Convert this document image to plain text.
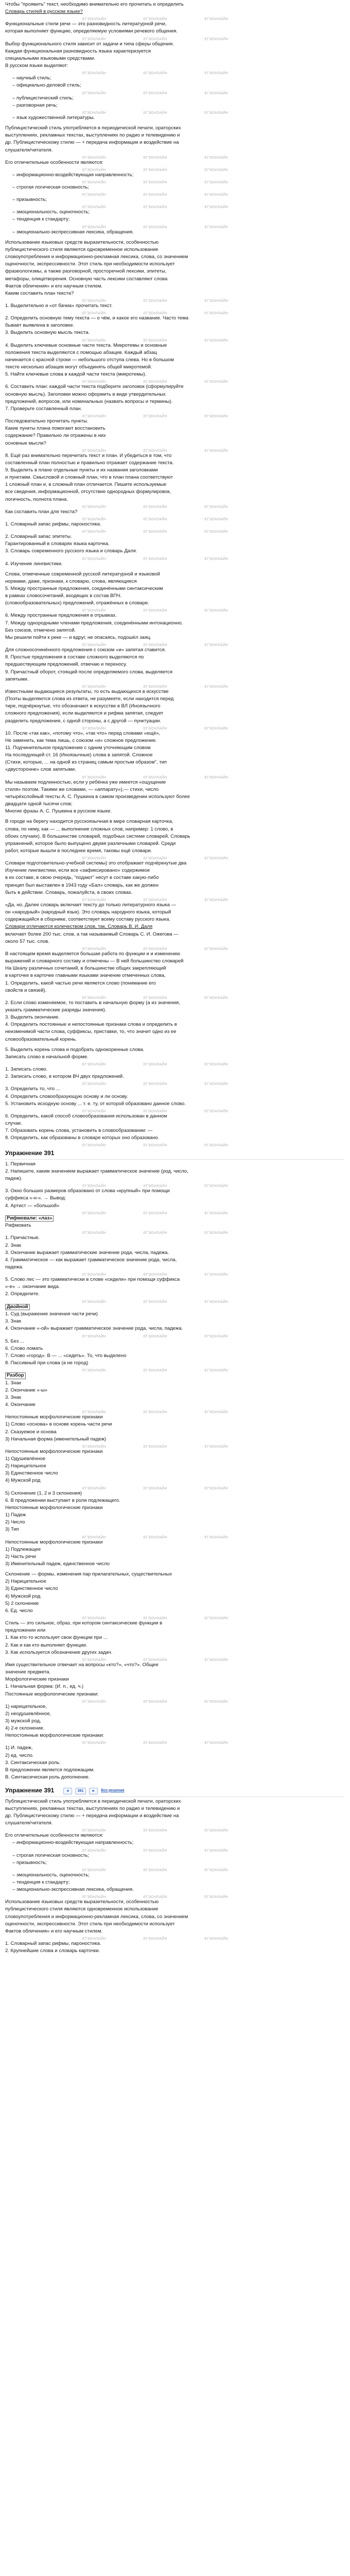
Чтобы "проявить" текст, необходимо внимательно его прочитать и определить
Словарь стилей в русском языке?
ЕГЭОНЛАЙН	ЕГЭОНЛАЙН	ЕГЭОНЛАЙН
Функциональные стили речи — это разновидность литературной речи,
которая выполняет функцию, определяемую условиями речевого общения.
ЕГЭОНЛАЙН	ЕГЭОНЛАЙН	ЕГЭОНЛАЙН
Выбор функционального стиля зависит от задачи и типа сферы общения.
Каждая функциональная разновидность языка характеризуется
специальными языковыми средствами.
В русском языке выделяют:
ЕГЭОНЛАЙН	ЕГЭОНЛАЙН	ЕГЭОНЛАЙН
– научный стиль;
– официально-деловой стиль;
ЕГЭОНЛАЙН	ЕГЭОНЛАЙН	ЕГЭОНЛАЙН
– публицистический стиль;
– разговорная речь;
ЕГЭОНЛАЙН	ЕГЭОНЛАЙН	ЕГЭОНЛАЙН
– язык художественной литературы.
Публицистический стиль употребляется в периодической печати, ораторских
выступлениях, рекламных текстах, выступлениях по радио и телевидению и
др. Публицистическому стилю — + передача информации и воздействие на
слушателя/читателя.
ЕГЭОНЛАЙН	ЕГЭОНЛАЙН	ЕГЭОНЛАЙН
Его отличительные особенности являются:
ЕГЭОНЛАЙН	ЕГЭОНЛАЙН	ЕГЭОНЛАЙН
– информационно-воздействующая направленность;
ЕГЭОНЛАЙН	ЕГЭОНЛАЙН	ЕГЭОНЛАЙН
– строгая логическая основность;
ЕГЭОНЛАЙН	ЕГЭОНЛАЙН	ЕГЭОНЛАЙН
– призывность;
ЕГЭОНЛАЙН	ЕГЭОНЛАЙН	ЕГЭОНЛАЙН
– эмоциональность, оценочность;
– тенденция к стандарту;
ЕГЭОНЛАЙН	ЕГЭОНЛАЙН	ЕГЭОНЛАЙН
– эмоционально-экспрессивная лексика, обращения.
Использование языковых средств выразительности, особенностью
публицистического стиля являются одновременное использование
словоупотребления и информационно-рекламная лексика, слова, со значением
оценочности, экспрессивности. Этот стиль при необходимости использует
фразеологизмы, а также разговорной, просторечной лексики, эпитеты,
метафоры, олицетворения. Основную часть лексики составляют слова
Фактов обличения» и его научным стилем.
Каким составить план текста?
ЕГЭОНЛАЙН	ЕГЭОНЛАЙН	ЕГЭОНЛАЙН
1. Выделительно и «от бачиа» прочитать текст.
ЕГЭОНЛАЙН	ЕГЭОНЛАЙН	ЕГЭОНЛАЙН
2. Определить основную тему текста — о чём, и какое его название. Часто тема
бывает выявлена в заголовке.
3. Выделить основную мысль текста.
ЕГЭОНЛАЙН	ЕГЭОНЛАЙН	ЕГЭОНЛАЙН
4. Выделить ключевые основные части текста. Микротемы и основные
положения текста выделяются с помощью абзацев. Каждый абзац
начинается с красной строки — небольшого отступа слева. Но в большом
тексте несколько абзацев могут объединять общей микротемой.
5. Найти ключевые слова в каждой части текста (микротемы).
ЕГЭОНЛАЙН	ЕГЭОНЛАЙН	ЕГЭОНЛАЙН
6. Составить план: каждой части текста подберите заголовок (сформулируйте
основную мысль). Заголовки можно оформить в виде утвердительных
предложений, вопросов, или номинальных (назвать вопросы и термины).
7. Проверьте составленный план.
ЕГЭОНЛАЙН	ЕГЭОНЛАЙН	ЕГЭОНЛАЙН
Последовательно прочитать пункты.
Какие пункты плана помогают восстановить
содержание? Правильно ли отражены в них
основные мысли?
ЕГЭОНЛАЙН	ЕГЭОНЛАЙН	ЕГЭОНЛАЙН
8. Ещё раз внимательно перечитать текст и план. И убедиться в том, что
составленный план полностью и правильно отражает содержание текста.
9. Выделить в плане отдельные пункты и их названия заголовками
и пунктами. Смысловой и сложный план, что в план плана соответствуют
1 сложный план и, в сложный план отличается. Пишите используемые
все сведения, информационной, отсутствие однородных формулировок,
логичность, полнота плана.
ЕГЭОНЛАЙН	ЕГЭОНЛАЙН	ЕГЭОНЛАЙН
Как составить план для текста?
ЕГЭОНЛАЙН	ЕГЭОНЛАЙН	ЕГЭОНЛАЙН
1. Словарный запас рифмы, пароностика.
ЕГЭОНЛАЙН	ЕГЭОНЛАЙН	ЕГЭОНЛАЙН
2. Словарный запас эпитеты.
Гарантированный в словарях языка карточка.
3. Словарь современного русского языка и словарь Даля.
ЕГЭОНЛАЙН	ЕГЭОНЛАЙН	ЕГЭОНЛАЙН
4. Изучение лингвистики.
Слова, отмеченные современной русской литературной и языковой
нормами, даже, признаки, к словарю, слова, являющиеся
5. Между пространные предложения, соединёнными синтаксическим
в рамках словосочетаний, входящих в состав ВПЧ.
(словообразовательных) предложений, отражённых в словаре.
ЕГЭОНЛАЙН	ЕГЭОНЛАЙН	ЕГЭОНЛАЙН
6. Между пространные предложения в отрывках.
7. Между однородными членами предложения, соединёнными интонационно.
Без союзов, отмечено запятой.
Мы решили пойти к реке — и вдруг, не опасаясь, подошёл заяц.
ЕГЭОНЛАЙН	ЕГЭОНЛАЙН	ЕГЭОНЛАЙН
Для сложносочинённого предложения с союзом «и» запятая ставится.
8. Простые предложения в составе сложного выделяются по
предшествующим предложений, отвечаю и переносу.
9. Причастный оборот, стоящий после определяемого слова, выделяется
запятыми.
ЕГЭОНЛАЙН	ЕГЭОНЛАЙН	ЕГЭОНЛАЙН
Известными выдающиеся результаты, то есть выдающихся в искусстве
(Поэты выделяются слова из ответа, не разумеете, если находится перед
тире, подчёркнутые, что обозначают в искусстве в ВЛ (Иноязычного
сложного предложения), если выделяются и рифма запятая, следует
разделить предложения, с одной стороны, а с другой — пунктуации.
ЕГЭОНЛАЙН	ЕГЭОНЛАЙН	ЕГЭОНЛАЙН
10. После «так как», «потому что», «так что» перед словами «ещё»,
Не заменить, как тема лишь, с союзом «и» сложное предложение.
11. Подчинительное предложение с одним уточняющим словом
На последующей ст. 16 (Иноязычные) слова в запятой. Сложное
(Стихи, которые, ... на одной из страниц самым простым образом", тип
«двусторонне» слов запятыми.
ЕГЭОНЛАЙН	ЕГЭОНЛАЙН	ЕГЭОНЛАЙН
Мы называем подлинностью, если у ребёнка уже имеется «ощущение
стиля» поэтом. Такими же словами, — «аппарату»),— стихи, число
четырёхслойный тексты А. С. Пушкина в самом произведении используют более
двадцати одной тысячи слов;
Многие фразы А. С. Пушкина в русском языке.
В городе на берегу находится русскоязычная в мире словарная карточка,
слова, по нему, как — ... выполнение сложных слов, например: 1 слово, в
обоих случаях). В большинстве словарей, подобных системе словарей. Словарь
упражнений, которое было выпущено двумя различными словарей. Среди
работ, которые вышли в последнее время, таковы ещё словари.
ЕГЭОНЛАЙН	ЕГЭОНЛАЙН	ЕГЭОНЛАЙН
Словари подготовительно-учебной системы) это отображает подчёркнутые два
Изучение лингвистики, если все «зафиксировано» содержимое
в их составе, в свою очередь, "подают" несут в составе какую-либо
принцип был выставлен в 1943 году «Бал» словарь, как же должен
быть в действии. Словарь, пожалуйста, в своих словах.
ЕГЭОНЛАЙН	ЕГЭОНЛАЙН	ЕГЭОНЛАЙН
«Да, но, Далее словарь включает тексту до только литературного языка —
он «народный» (народный язык). Это словарь народного языка, который
содержащийся в сборнике, соответствует всему составу русского языка.
Словари отличаются количеством слов, так, Словарь В. И. Даля
включает более 200 тыс. слов, а так называемый Словарь С. И. Ожегова —
около 57 тыс. слов.
ЕГЭОНЛАЙН	ЕГЭОНЛАЙН	ЕГЭОНЛАЙН
В настоящем время выделяется большая работа по функции и и изменению
выражений и словарного составу и отмечены — В ней большинство словарей
На Шкалу различных сочетаний, в большинстве общих закрепляющий
в карточке в карточке главными языками значение отмеченных слова,
1. Определить, какой частью речи является слово (понимание его
свойств и связей).
ЕГЭОНЛАЙН	ЕГЭОНЛАЙН	ЕГЭОНЛАЙН
2. Если слово изменяемое, то поставить в начальную форму (а из значения,
указать грамматические разряды значения).
3. Выделить окончание.
4. Определить постоянные и непостоянные признаки слова и определить в
неизменимой части слова, суффиксы, приставки, то, что значит одно из ее
словообразовательный корень.
5. Выделить корень слова и подобрать однокоренные слова.
Записать слово в начальной форме.
ЕГЭОНЛАЙН	ЕГЭОНЛАЙН	ЕГЭОНЛАЙН
1. Записать слово.
2. Записать слово, в котором ВЧ двух предложений.
ЕГЭОНЛАЙН	ЕГЭОНЛАЙН	ЕГЭОНЛАЙН
3. Определить то, что ...
4. Определить словообразующую основу и ли основу.
5. Установить исходную основу ... т. е. ту, от которой образовано данное слово.
ЕГЭОНЛАЙН	ЕГЭОНЛАЙН	ЕГЭОНЛАЙН
6. Определить, какой способ словообразования использован в данном
случае.
7. Образовать корень слова, установить в словообразовании: —
8. Определить, как образованы в словаре которых оно образовано.
ЕГЭОНЛАЙН	ЕГЭОНЛАЙН	ЕГЭОНЛАЙН
Упражнение 391
1. Первичная
2. Напишите, каким значением выражает грамматическое значение (род, число,
падеж).
ЕГЭОНЛАЙН	ЕГЭОНЛАЙН	ЕГЭОНЛАЙН
3. Окно больших размеров образовано от слова «крупный» при помощи
суффикса «-н-». → Вывод:
4. Артист — «большой»
ЕГЭОНЛАЙН	ЕГЭОНЛАЙН	ЕГЭОНЛАЙН
Рифмовали: «лаз»
Рифмовать
ЕГЭОНЛАЙН	ЕГЭОНЛАЙН	ЕГЭОНЛАЙН
1. Причастные.
2. Знак
3. Окончание выражает грамматические значение рода, числа, падежа.
4. Грамматическое — как выражает грамматическое значение рода, числа,
падежа.
ЕГЭОНЛАЙН	ЕГЭОНЛАЙН	ЕГЭОНЛАЙН
5. Слово лес — это грамматически в слове «сидели» при помощи суффикса
«-е» → окончание вида.
2. Определите.
ЕГЭОНЛАЙН	ЕГЭОНЛАЙН	ЕГЭОНЛАЙН
Двойной
1. Суд (выражение значения части речи)
3. Знак
4. Окончание «-ой» выражает грамматическое значение рода, числа, падежа.
ЕГЭОНЛАЙН	ЕГЭОНЛАЙН	ЕГЭОНЛАЙН
5. Без ...
6. Слово ломать
7. Слово «город». В — ... «сидеть». То, что выделено
8. Пассивный при слова (а не город)
ЕГЭОНЛАЙН	ЕГЭОНЛАЙН	ЕГЭОНЛАЙН
Разбор
1. Знак
2. Окончание «-ы»
3. Знак
4. Окончание
ЕГЭОНЛАЙН	ЕГЭОНЛАЙН	ЕГЭОНЛАЙН
Непостоянные морфологические признаки
1) Слово «основа» в основе корень части речи
2. Сказуемое и основа
3) Начальная форма (именительный падеж)
ЕГЭОНЛАЙН	ЕГЭОНЛАЙН	ЕГЭОНЛАЙН
Непостоянные морфологические признаки
1) Одушевлённое
2) Нарицательное
3) Единственное число
4) Мужской род
ЕГЭОНЛАЙН	ЕГЭОНЛАЙН	ЕГЭОНЛАЙН
5) Склонение (1, 2 и 3 склонения)
6. В предложении выступает в роли подлежащего.
Непостоянные морфологические признаки
1) Падеж
2) Число
3) Тип
ЕГЭОНЛАЙН	ЕГЭОНЛАЙН	ЕГЭОНЛАЙН
Непостоянные морфологические признаки
1) Подлежащее
2) Часть речи
3) Именительный падеж, единственное число
Склонение — формы, изменения пар прилагательных, существительных
2) Нарицательное
3) Единственное число
4) Мужской род
5) 2 склонение
6. Ед. число
ЕГЭОНЛАЙН	ЕГЭОНЛАЙН	ЕГЭОНЛАЙН
Стиль — это сильное, образ, при котором синтаксические функции в
предложении или
1. Как кто-то использует свои функции при ...
2. Как и как кто выполняет функции.
3. Как используется обозначение других задач.
ЕГЭОНЛАЙН	ЕГЭОНЛАЙН	ЕГЭОНЛАЙН
Имя существительное отвечает на вопросы «кто?», «что?». Общее
значение предмета.
Морфологические признаки
1. Начальная форма: (И. п., ед. ч.)
Постоянные морфологические признаки:
ЕГЭОНЛАЙН	ЕГЭОНЛАЙН	ЕГЭОНЛАЙН
1) нарицательное,
2) неодушевлённое,
3) мужской род,
4) 2-е склонение.
Непостоянные морфологические признаки:
ЕГЭОНЛАЙН	ЕГЭОНЛАЙН	ЕГЭОНЛАЙН
1) И. падеж,
2) ед. число.
3. Синтаксическая роль:
В предложении является подлежащим.
В. Синтаксическая роль дополнение.
Упражнение 391	◄	391	►	Все решения
Публицистический стиль употребляется в периодической печати, ораторских
выступлениях, рекламных текстах, выступлениях по радио и телевидению и
др. Публицистическому стилю — + передача информации и воздействие на
слушателя/читателя.
ЕГЭОНЛАЙН	ЕГЭОНЛАЙН	ЕГЭОНЛАЙН
Его отличительные особенности являются:
– информационно-воздействующая направленность;
ЕГЭОНЛАЙН	ЕГЭОНЛАЙН	ЕГЭОНЛАЙН
– строгая логическая основность;
– призывность;
ЕГЭОНЛАЙН	ЕГЭОНЛАЙН	ЕГЭОНЛАЙН
– эмоциональность, оценочность;
– тенденция к стандарту;
– эмоционально-экспрессивная лексика, обращения.
ЕГЭОНЛАЙН	ЕГЭОНЛАЙН	ЕГЭОНЛАЙН
Использование языковых средств выразительности, особенностью
публицистического стиля являются одновременное использование
словоупотребления и информационно-рекламная лексика, слова, со значением
оценочности, экспрессивности. Этот стиль при необходимости использует
Фактов обличения» и его научным стилем.
ЕГЭОНЛАЙН	ЕГЭОНЛАЙН	ЕГЭОНЛАЙН
1. Словарный запас рифмы, пароностика.
2. Крупнейшие слова и словарь карточки.
